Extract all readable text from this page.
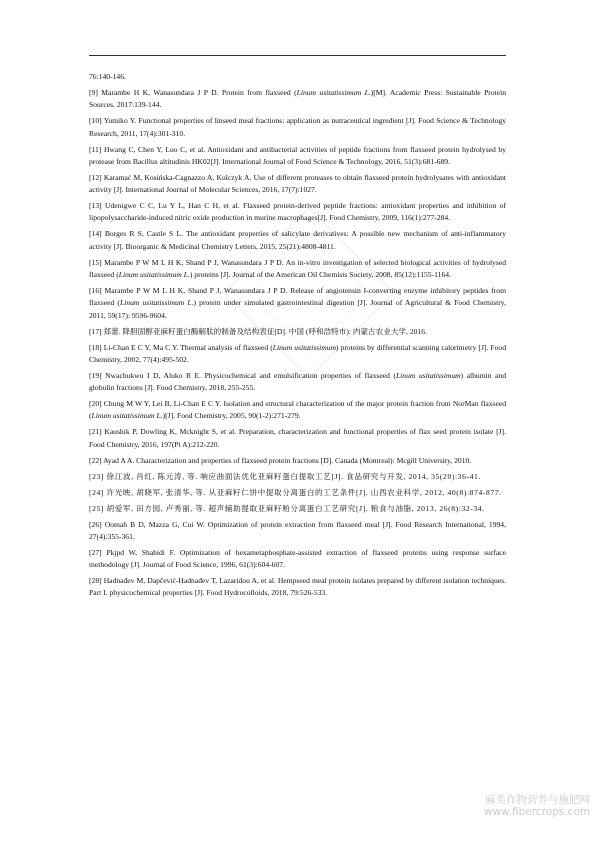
76:140-146.

[9] Marambe H K, Wanasundara J P D. Protein from flaxseed (Linum usitatissimum L.)[M]. Academic Press: Sustainable Protein Sources. 2017:139-144.

[10] Yumiko Y. Functional properties of linseed meal fractions: application as nutraceutical ingredient [J]. Food Science & Technology Research, 2011, 17(4):301-310.

[11] Hwang C, Chen Y, Luo C, et al. Antioxidant and antibacterial activities of peptide fractions from flaxseed protein hydrolysed by protease from Bacillus altitudinis HK02[J]. International Journal of Food Science & Technology, 2016, 51(3):681-689.

[12] Karamać M, Kosińska-Cagnazzo A, Kulczyk A. Use of different proteases to obtain flaxseed protein hydrolysates with antioxidant activity [J]. International Journal of Molecular Sciences, 2016, 17(7):1027.

[13] Udenigwe C C, Lu Y L, Han C H, et al. Flaxseed protein-derived peptide fractions: antioxidant properties and inhibition of lipopolysaccharide-induced nitric oxide production in murine macrophages[J]. Food Chemistry, 2009, 116(1):277-284.

[14] Borges R S, Castle S L. The antioxidant properties of salicylate derivatives: A possible new mechanism of anti-inflammatory activity [J]. Bioorganic & Medicinal Chemistry Letters, 2015, 25(21):4808-4811.

[15] Marambe P W M L H K, Shand P J, Wanasundara J P D. An in-vitro investigation of selected biological activities of hydrolysed flaxseed (Linum usitatissimum L.) proteins [J]. Journal of the American Oil Chemists Society, 2008, 85(12):1155-1164.

[16] Marambe P W M L H K, Shand P J, Wanasundara J P D. Release of angiotensin I-converting enzyme inhibitory peptides from flaxseed (Linum usitatissimum L.) protein under simulated gastrointestinal digestion [J]. Journal of Agricultural & Food Chemistry, 2011, 59(17): 9596-9604.

[17] 郑蕾. 降胆固醇亚麻籽蛋白酶解肽的制备及结构表征[D]. 中国 (呼和浩特市): 内蒙古农业大学, 2016.

[18] Li-Chan E C Y, Ma C Y. Thermal analysis of flaxseed (Linum usitatissimum) proteins by differential scanning calorimetry [J]. Food Chemistry, 2002, 77(4):495-502.

[19] Nwachukwu I D, Aluko R E. Physicochemical and emulsification properties of flaxseed (Linum usitatissimum) albumin and globulin fractions [J]. Food Chemistry, 2018, 255-255.

[20] Chung M W Y, Lei B, Li-Chan E C Y. Isolation and structural characterization of the major protein fraction from NorMan flaxseed (Linum usitatissimum L.)[J]. Food Chemistry, 2005, 90(1-2):271-279.

[21] Kaushik P, Dowling K, Mcknight S, et al. Preparation, characterization and functional properties of flax seed protein isolate [J]. Food Chemistry, 2016, 197(Pt A):212-220.

[22] Ayad A A. Characterization and properties of flaxseed protein fractions [D]. Canada (Montreal): Mcgill University, 2010.

[23] 徐江波, 肖红, 陈元涛, 等. 响应曲面法优化亚麻籽蛋白提取工艺[J]. 食品研究与开发, 2014, 35(20):36-41.

[24] 许光映, 胡晓军, 张清华, 等. 从亚麻籽仁饼中提取分离蛋白的工艺条件[J]. 山西农业科学, 2012, 40(8):874-877.

[25] 胡爱军, 田方园, 卢秀丽, 等. 超声辅助提取亚麻籽粕分离蛋白工艺研究[J]. 粮食与油脂, 2013, 26(8):32-34.

[26] Oomah B D, Mazza G, Cui W. Optimization of protein extraction from flaxseed meal [J]. Food Research International, 1994, 27(4):355-361.

[27] Pkjpd W, Shahidi F. Optimization of hexametaphosphate-assisted extraction of flaxseed proteins using response surface methodology [J]. Journal of Food Science, 1996, 61(3):604-607.

[28] Hadnađev M, Dapčević-Hadnađev T, Lazaridou A, et al. Hempseed meal protein isolates prepared by different isolation techniques. Part I. physicochemical properties [J]. Food Hydrocolloids, 2018, 79:526-533.

麻类作物营养与施肥网
www.fibercrops.com
